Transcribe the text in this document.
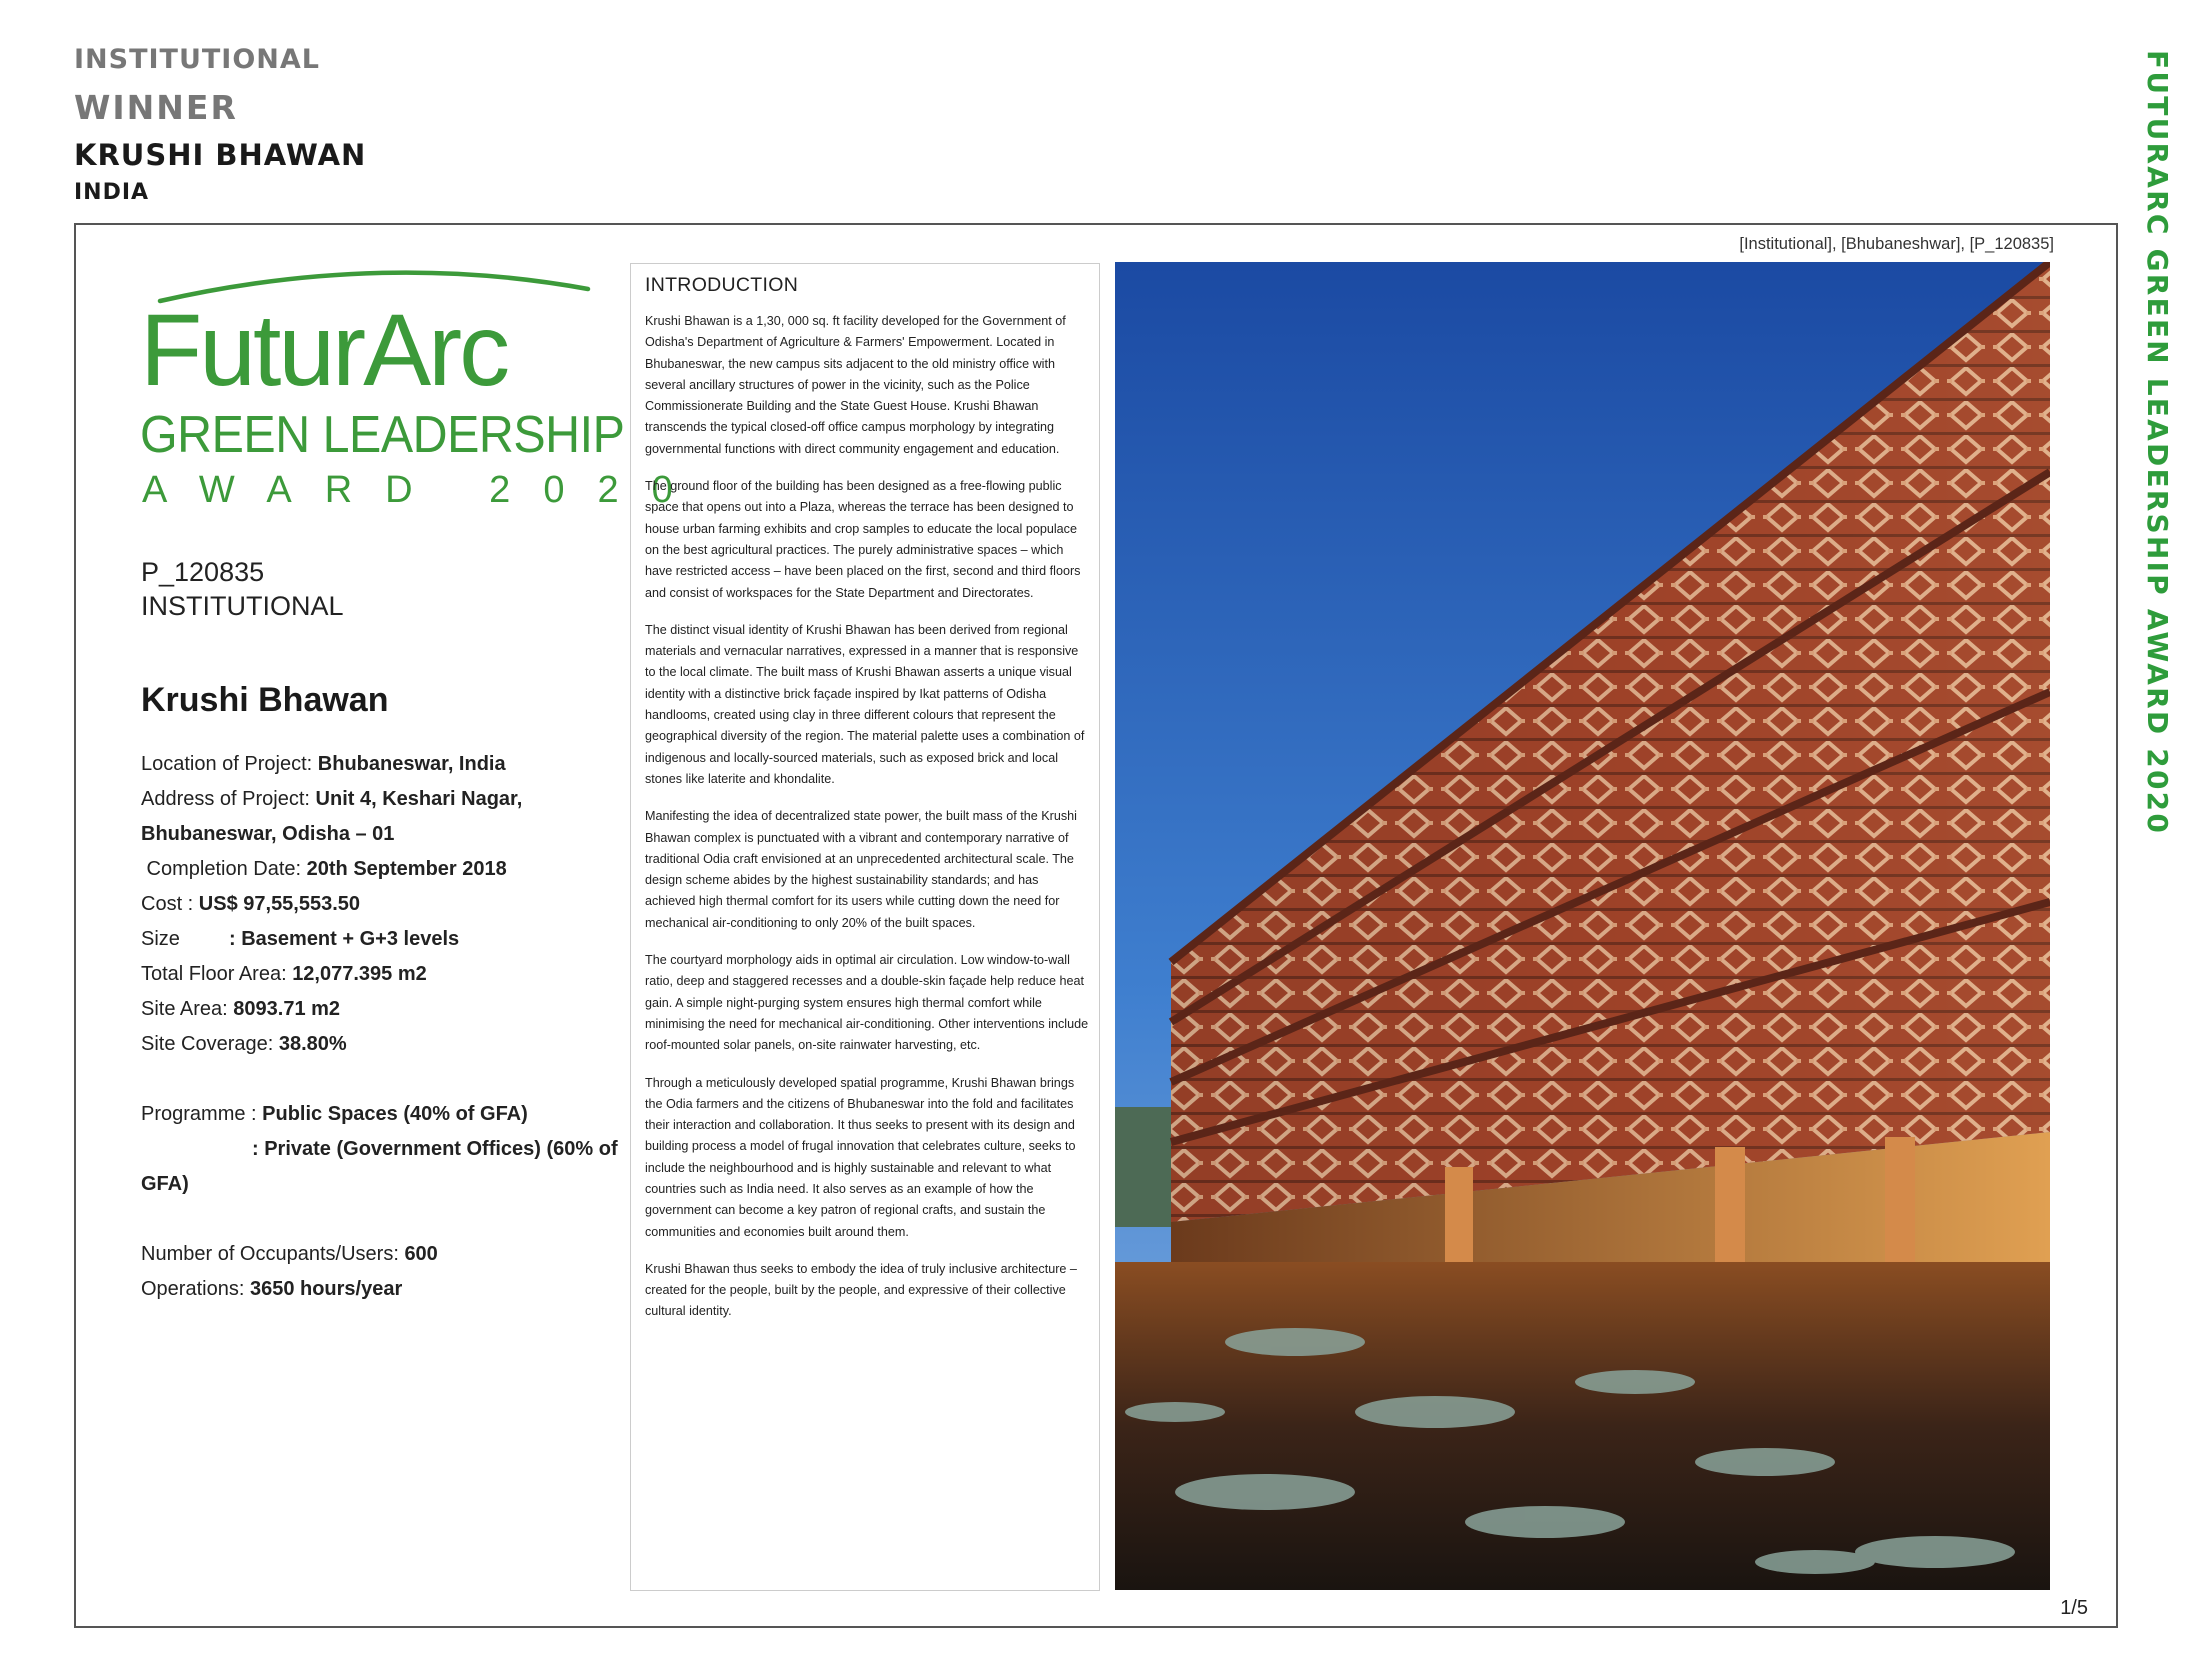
INSTITUTIONAL
WINNER
KRUSHI BHAWAN
INDIA	FUTURARC GREEN LEADERSHIP AWARD 2020
[Institutional], [Bhubaneshwar], [P_120835]
FuturArc
GREEN LEADERSHIP
AWARD 2020
P_120835
INSTITUTIONAL
Krushi Bhawan
Location of Project: Bhubaneswar, India
Address of Project: Unit 4, Keshari Nagar,
Bhubaneswar, Odisha – 01
Completion Date: 20th September 2018
Cost : US$ 97,55,553.50
Size : Basement + G+3 levels
Total Floor Area: 12,077.395 m2
Site Area: 8093.71 m2
Site Coverage: 38.80%
Programme : Public Spaces (40% of GFA)
: Private (Government Offices) (60% of
GFA)
Number of Occupants/Users: 600
Operations: 3650 hours/year
INTRODUCTION

Krushi Bhawan is a 1,30, 000 sq. ft facility developed for the Government of Odisha's Department of Agriculture & Farmers' Empowerment. Located in Bhubaneswar, the new campus sits adjacent to the old ministry office with several ancillary structures of power in the vicinity, such as the Police Commissionerate Building and the State Guest House. Krushi Bhawan transcends the typical closed-off office campus morphology by integrating governmental functions with direct community engagement and education.

The ground floor of the building has been designed as a free-flowing public space that opens out into a Plaza, whereas the terrace has been designed to house urban farming exhibits and crop samples to educate the local populace on the best agricultural practices. The purely administrative spaces – which have restricted access – have been placed on the first, second and third floors and consist of workspaces for the State Department and Directorates.

The distinct visual identity of Krushi Bhawan has been derived from regional materials and vernacular narratives, expressed in a manner that is responsive to the local climate. The built mass of Krushi Bhawan asserts a unique visual identity with a distinctive brick façade inspired by Ikat patterns of Odisha handlooms, created using clay in three different colours that represent the geographical diversity of the region. The material palette uses a combination of indigenous and locally-sourced materials, such as exposed brick and local stones like laterite and khondalite.

Manifesting the idea of decentralized state power, the built mass of the Krushi Bhawan complex is punctuated with a vibrant and contemporary narrative of traditional Odia craft envisioned at an unprecedented architectural scale. The design scheme abides by the highest sustainability standards; and has achieved high thermal comfort for its users while cutting down the need for mechanical air-conditioning to only 20% of the built spaces.

The courtyard morphology aids in optimal air circulation. Low window-to-wall ratio, deep and staggered recesses and a double-skin façade help reduce heat gain. A simple night-purging system ensures high thermal comfort while minimising the need for mechanical air-conditioning. Other interventions include roof-mounted solar panels, on-site rainwater harvesting, etc.

Through a meticulously developed spatial programme, Krushi Bhawan brings the Odia farmers and the citizens of Bhubaneswar into the fold and facilitates their interaction and collaboration. It thus seeks to present with its design and building process a model of frugal innovation that celebrates culture, seeks to include the neighbourhood and is highly sustainable and relevant to what countries such as India need. It also serves as an example of how the government can become a key patron of regional crafts, and sustain the communities and economies built around them.

Krushi Bhawan thus seeks to embody the idea of truly inclusive architecture – created for the people, built by the people, and expressive of their collective cultural identity.

1/5
